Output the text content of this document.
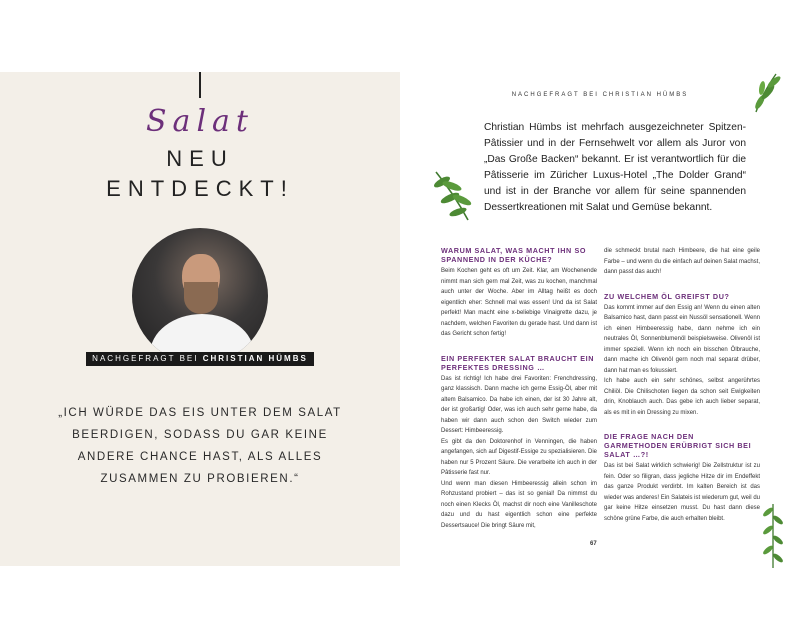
Salat
NEU
ENTDECKT!
NACHGEFRAGT BEI CHRISTIAN HÜMBS
„ICH WÜRDE DAS EIS UNTER DEM SALAT BEERDIGEN, SODASS DU GAR KEINE ANDERE CHANCE HAST, ALS ALLES ZUSAMMEN ZU PROBIEREN.“
NACHGEFRAGT BEI CHRISTIAN HÜMBS
Christian Hümbs ist mehrfach ausgezeichneter Spitzen-Pâtissier und in der Fernsehwelt vor allem als Juror von „Das Große Backen“ bekannt. Er ist verantwortlich für die Pâtisserie im Züricher Luxus-Hotel „The Dolder Grand“ und ist in der Branche vor allem für seine spannenden Dessertkreationen mit Salat und Gemüse bekannt.
WARUM SALAT, WAS MACHT IHN SO SPANNEND IN DER KÜCHE?

Beim Kochen geht es oft um Zeit. Klar, am Wochenende nimmt man sich gern mal Zeit, was zu kochen, manchmal auch unter der Woche. Aber im Alltag heißt es doch eigentlich eher: Schnell mal was essen! Und da ist Salat perfekt! Man macht eine x-beliebige Vinaigrette dazu, je nachdem, welchen Favoriten du gerade hast. Und dann ist das Gericht schon fertig!

EIN PERFEKTER SALAT BRAUCHT EIN PERFEKTES DRESSING …

Das ist richtig! Ich habe drei Favoriten: Frenchdressing, ganz klassisch. Dann mache ich gerne Essig-Öl, aber mit altem Balsamico. Da habe ich einen, der ist 30 Jahre alt, der ist großartig! Oder, was ich auch sehr gerne habe, da haben wir dann auch schon den Switch wieder zum Dessert: Himbeeressig.

Es gibt da den Doktorenhof in Venningen, die haben angefangen, sich auf Digestif-Essige zu spezialisieren. Die haben nur 5 Prozent Säure. Die verarbeite ich auch in der Pâtisserie fast nur.

Und wenn man diesen Himbeeressig allein schon im Rohzustand probiert – das ist so genial! Da nimmst du noch einen Klecks Öl, machst dir noch eine Vanilleschote dazu und du hast eigentlich schon eine perfekte Dessertsauce! Die bringt Säure mit,

die schmeckt brutal nach Himbeere, die hat eine geile Farbe – und wenn du die einfach auf deinen Salat machst, dann passt das auch!

ZU WELCHEM ÖL GREIFST DU?

Das kommt immer auf den Essig an! Wenn du einen alten Balsamico hast, dann passt ein Nussöl sensationell. Wenn ich einen Himbeeressig habe, dann nehme ich ein neutrales Öl, Sonnenblumenöl beispielsweise. Olivenöl ist immer speziell. Wenn ich noch ein bisschen Ölbrauche, dann mache ich Olivenöl gern noch mal separat drüber, dann hat man es fokussiert.

Ich habe auch ein sehr schönes, selbst angerührtes Chiliöl. Die Chilischoten liegen da schon seit Ewigkeiten drin, Knoblauch auch. Das gebe ich auch lieber separat, als es mit in ein Dressing zu mixen.

DIE FRAGE NACH DEN GARMETHODEN ERÜBRIGT SICH BEI SALAT …?!

Das ist bei Salat wirklich schwierig! Die Zellstruktur ist zu fein. Oder so filigran, dass jegliche Hitze dir im Endeffekt das ganze Produkt verdirbt. Im kalten Bereich ist das wieder was anderes! Ein Salateis ist wiederum gut, weil du gar keine Hitze einsetzen musst. Du hast dann diese schöne grüne Farbe, die auch erhalten bleibt.

67
